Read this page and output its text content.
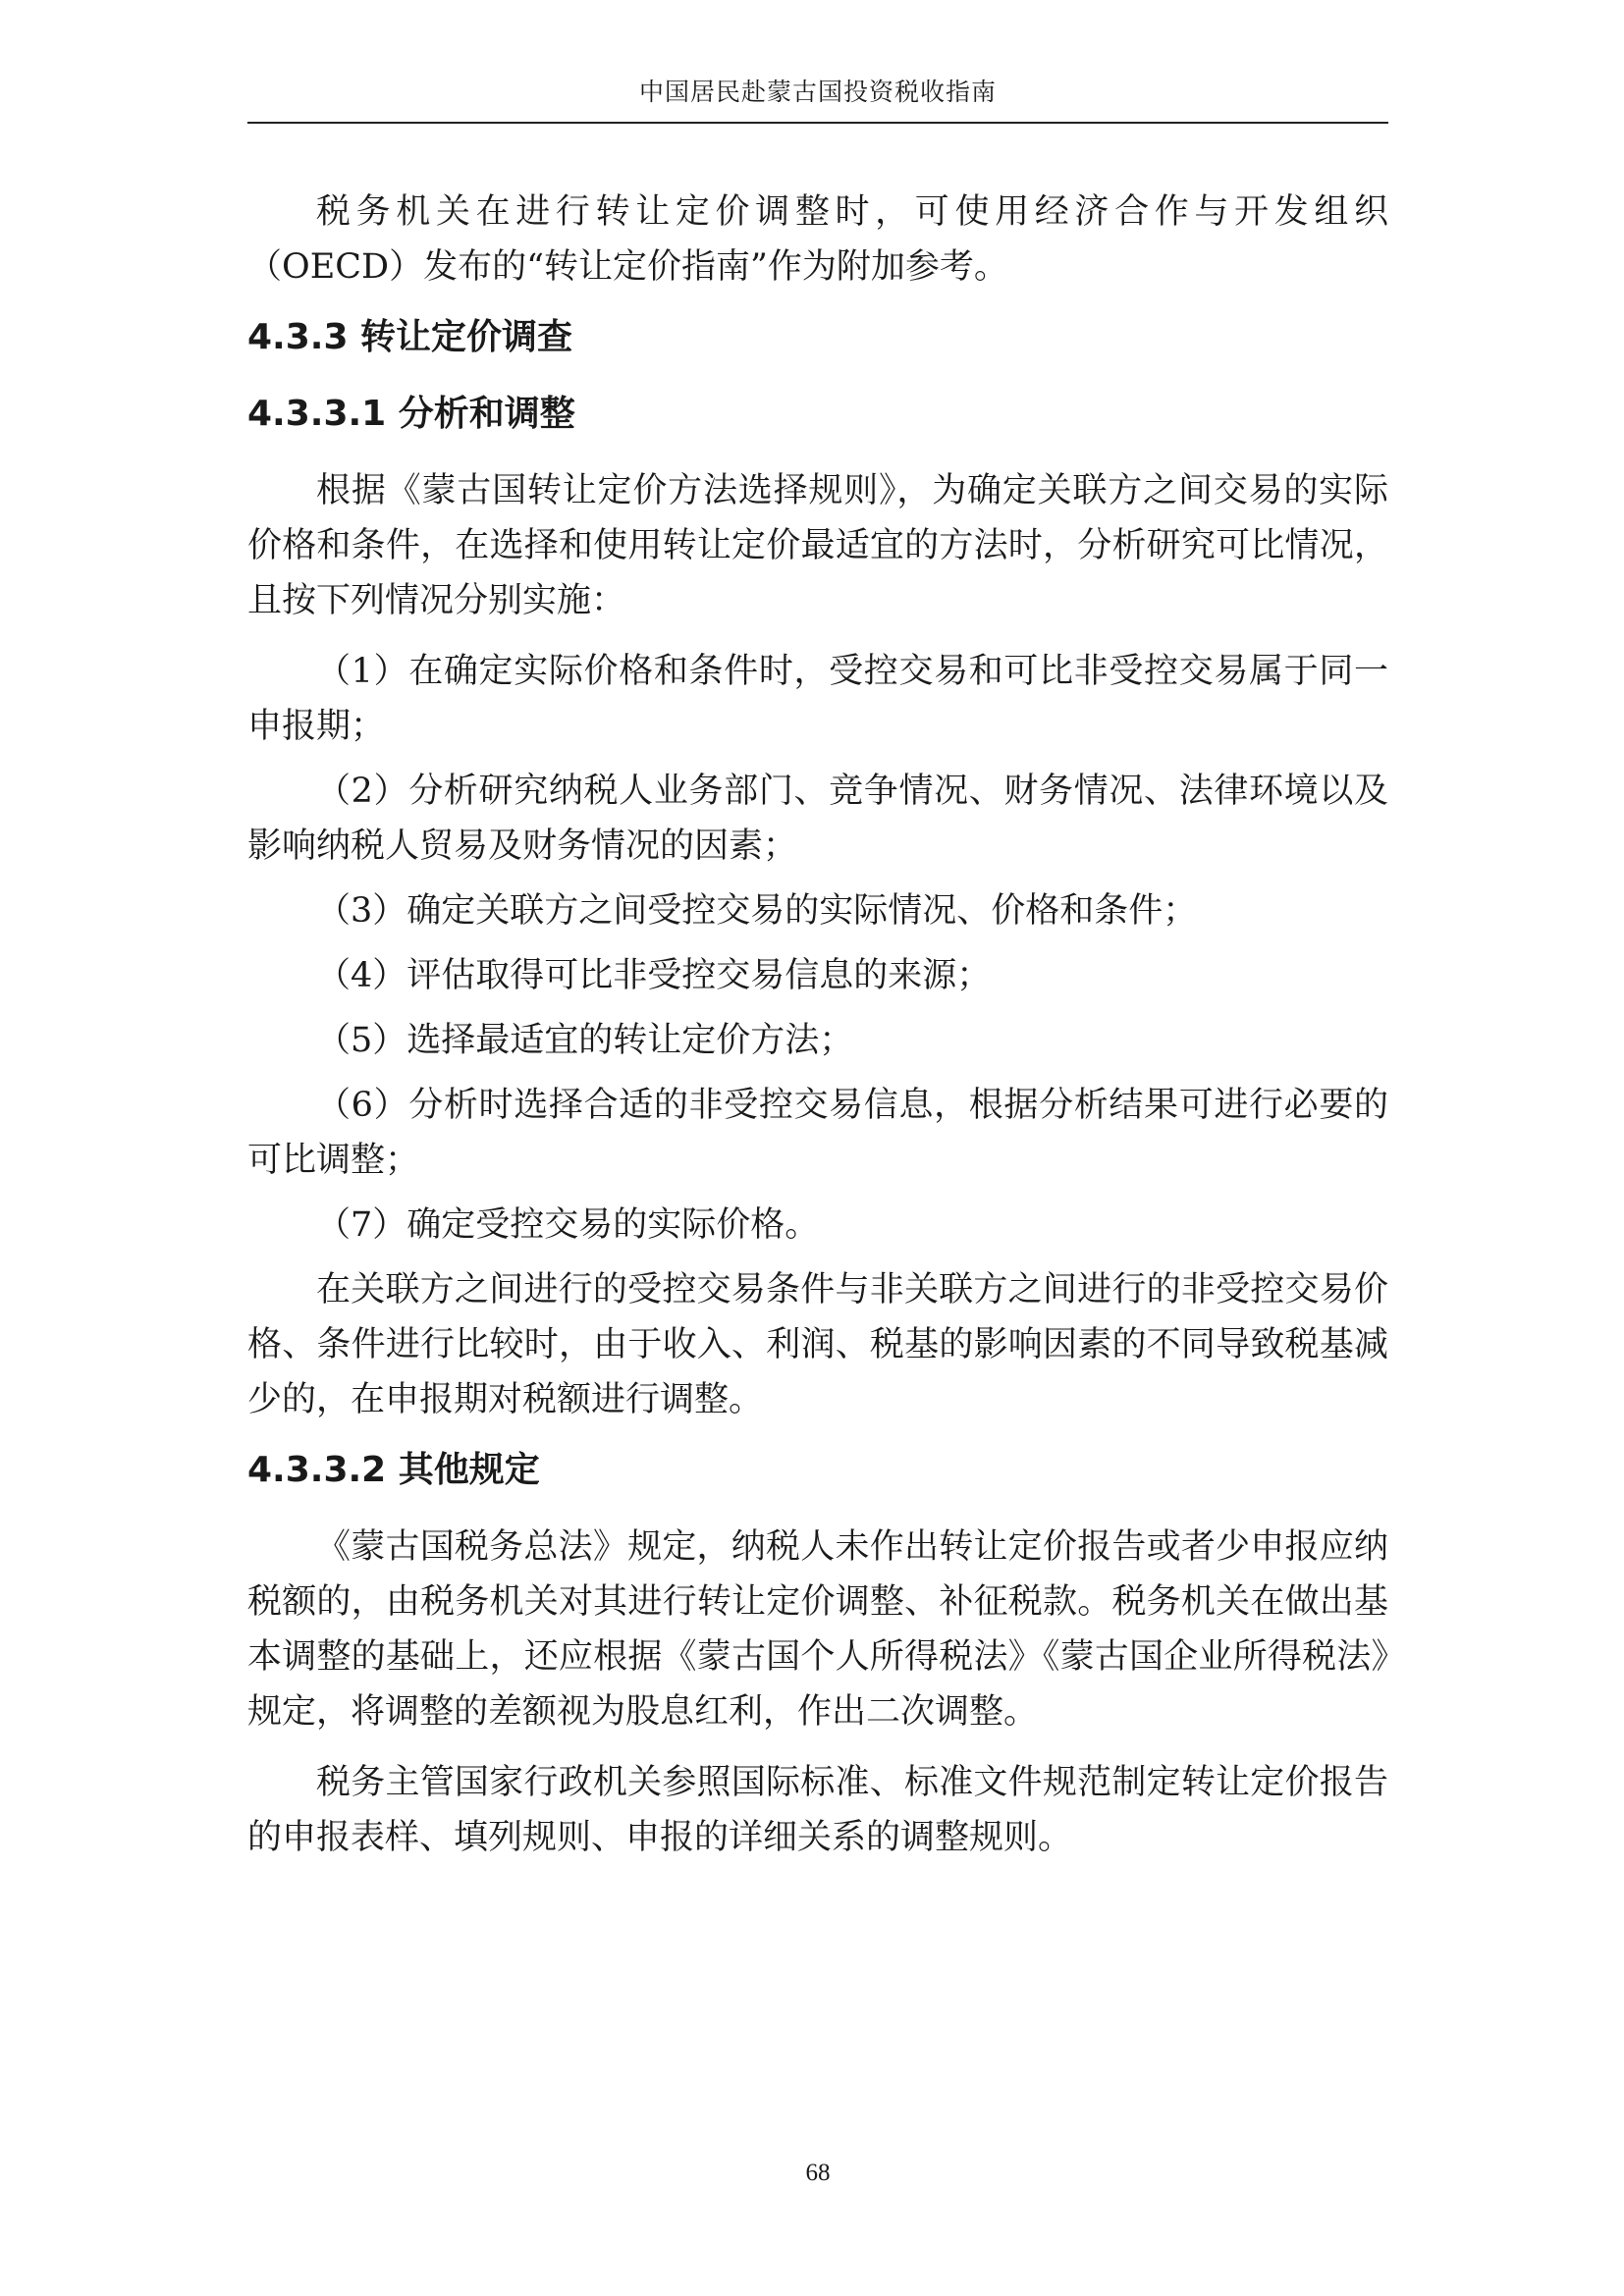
中国居民赴蒙古国投资税收指南

税务机关在进行转让定价调整时，可使用经济合作与开发组织（OECD）发布的“转让定价指南”作为附加参考。

4.3.3 转让定价调查
4.3.3.1 分析和调整

根据《蒙古国转让定价方法选择规则》，为确定关联方之间交易的实际价格和条件，在选择和使用转让定价最适宜的方法时，分析研究可比情况，且按下列情况分别实施：

（1）在确定实际价格和条件时，受控交易和可比非受控交易属于同一申报期；

（2）分析研究纳税人业务部门、竞争情况、财务情况、法律环境以及影响纳税人贸易及财务情况的因素；

（3）确定关联方之间受控交易的实际情况、价格和条件；

（4）评估取得可比非受控交易信息的来源；

（5）选择最适宜的转让定价方法；

（6）分析时选择合适的非受控交易信息，根据分析结果可进行必要的可比调整；

（7）确定受控交易的实际价格。

在关联方之间进行的受控交易条件与非关联方之间进行的非受控交易价格、条件进行比较时，由于收入、利润、税基的影响因素的不同导致税基减少的，在申报期对税额进行调整。

4.3.3.2 其他规定

《蒙古国税务总法》规定，纳税人未作出转让定价报告或者少申报应纳税额的，由税务机关对其进行转让定价调整、补征税款。税务机关在做出基本调整的基础上，还应根据《蒙古国个人所得税法》《蒙古国企业所得税法》规定，将调整的差额视为股息红利，作出二次调整。

税务主管国家行政机关参照国际标准、标准文件规范制定转让定价报告的申报表样、填列规则、申报的详细关系的调整规则。

68
